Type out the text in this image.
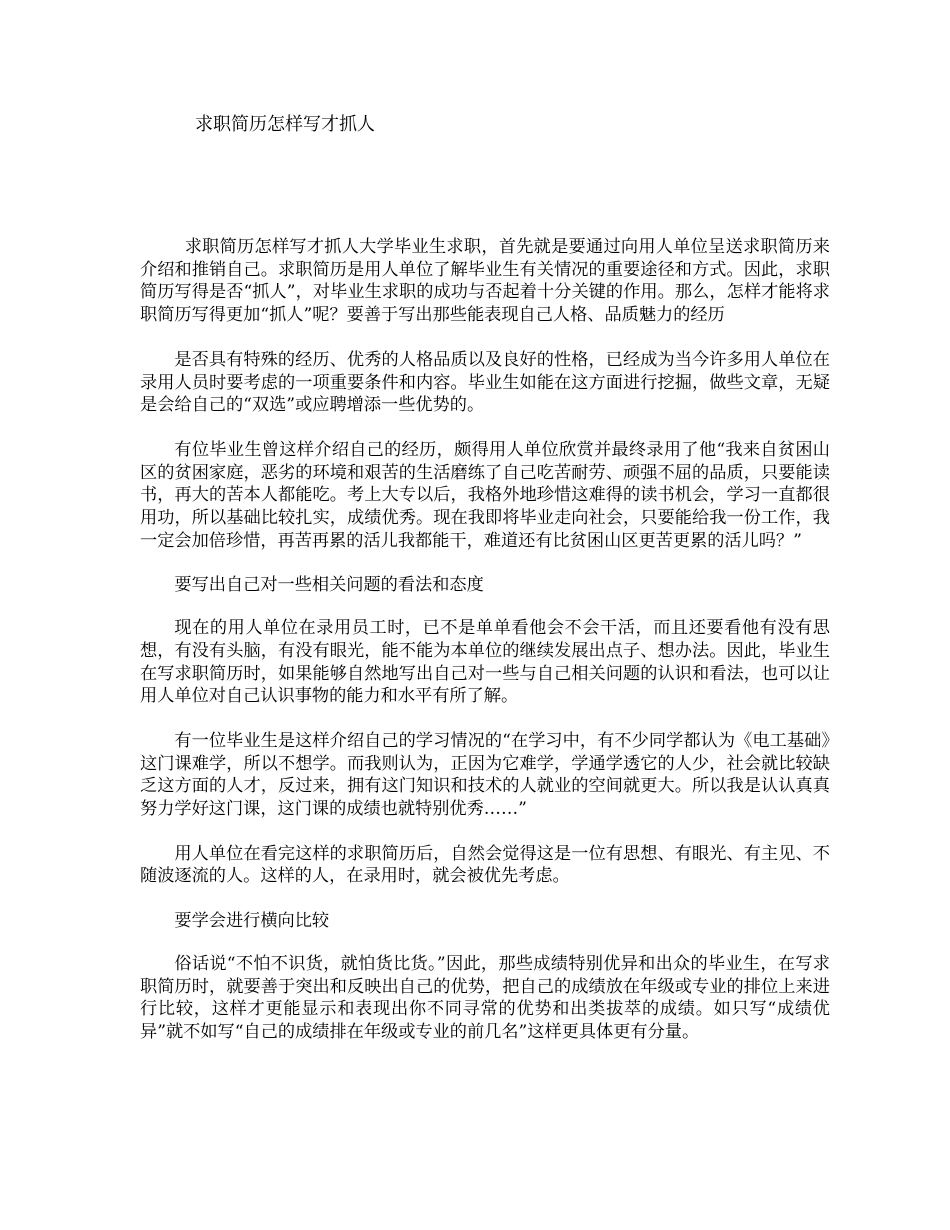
求职简历怎样写才抓人

求职简历怎样写才抓人大学毕业生求职，首先就是要通过向用人单位呈送求职简历来介绍和推销自己。求职简历是用人单位了解毕业生有关情况的重要途径和方式。因此，求职简历写得是否“抓人”，对毕业生求职的成功与否起着十分关键的作用。那么，怎样才能将求职简历写得更加“抓人”呢？要善于写出那些能表现自己人格、品质魅力的经历

是否具有特殊的经历、优秀的人格品质以及良好的性格，已经成为当今许多用人单位在录用人员时要考虑的一项重要条件和内容。毕业生如能在这方面进行挖掘，做些文章，无疑是会给自己的“双选”或应聘增添一些优势的。

有位毕业生曾这样介绍自己的经历，颇得用人单位欣赏并最终录用了他“我来自贫困山区的贫困家庭，恶劣的环境和艰苦的生活磨练了自己吃苦耐劳、顽强不屈的品质，只要能读书，再大的苦本人都能吃。考上大专以后，我格外地珍惜这难得的读书机会，学习一直都很用功，所以基础比较扎实，成绩优秀。现在我即将毕业走向社会，只要能给我一份工作，我一定会加倍珍惜，再苦再累的活儿我都能干，难道还有比贫困山区更苦更累的活儿吗？”

要写出自己对一些相关问题的看法和态度

现在的用人单位在录用员工时，已不是单单看他会不会干活，而且还要看他有没有思想，有没有头脑，有没有眼光，能不能为本单位的继续发展出点子、想办法。因此，毕业生在写求职简历时，如果能够自然地写出自己对一些与自己相关问题的认识和看法，也可以让用人单位对自己认识事物的能力和水平有所了解。

有一位毕业生是这样介绍自己的学习情况的“在学习中，有不少同学都认为《电工基础》这门课难学，所以不想学。而我则认为，正因为它难学，学通学透它的人少，社会就比较缺乏这方面的人才，反过来，拥有这门知识和技术的人就业的空间就更大。所以我是认认真真努力学好这门课，这门课的成绩也就特别优秀……”

用人单位在看完这样的求职简历后，自然会觉得这是一位有思想、有眼光、有主见、不随波逐流的人。这样的人，在录用时，就会被优先考虑。

要学会进行横向比较

俗话说“不怕不识货，就怕货比货。”因此，那些成绩特别优异和出众的毕业生，在写求职简历时，就要善于突出和反映出自己的优势，把自己的成绩放在年级或专业的排位上来进行比较，这样才更能显示和表现出你不同寻常的优势和出类拔萃的成绩。如只写“成绩优异”就不如写“自己的成绩排在年级或专业的前几名”这样更具体更有分量。
